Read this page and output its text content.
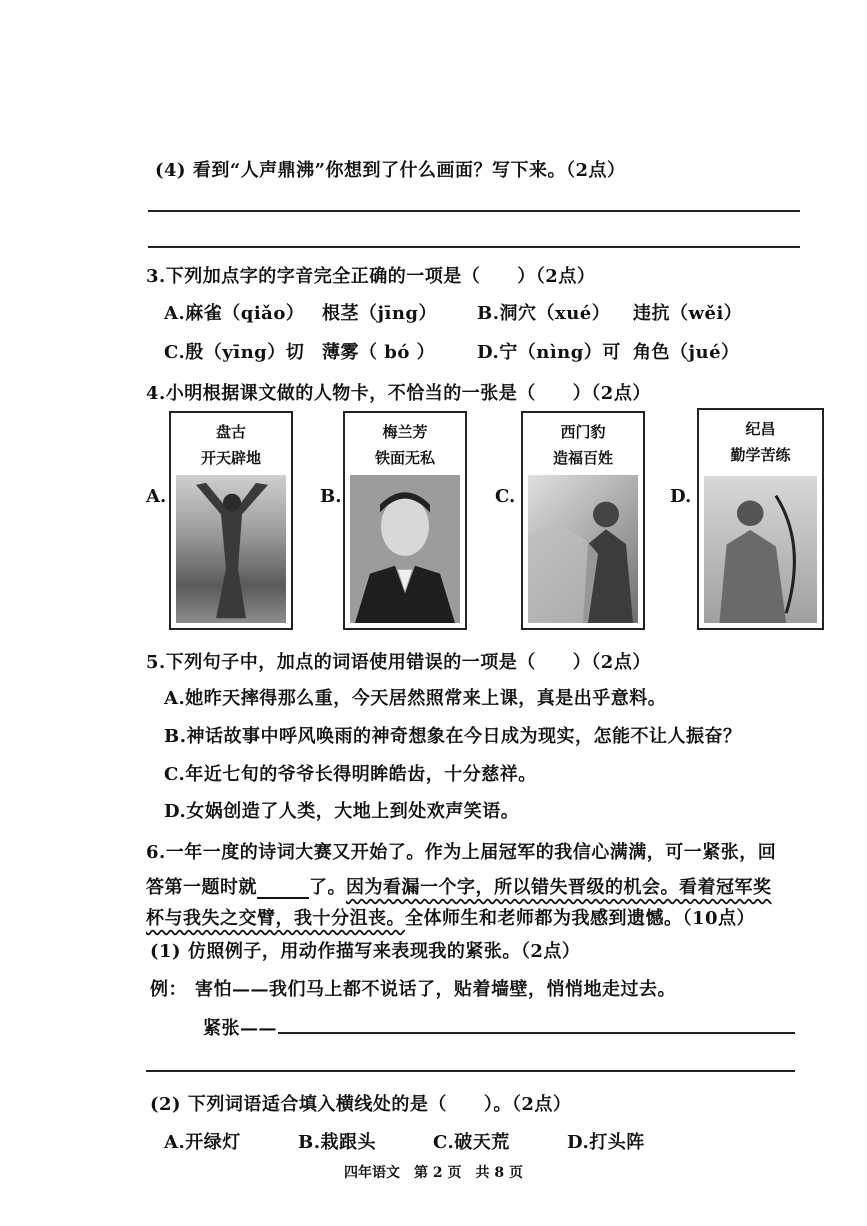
(4) 看到“人声鼎沸”你想到了什么画面？写下来。（2点）
3.下列加点字的字音完全正确的一项是（　　）（2点）
A.麻雀（qiǎo） 根茎（jīng） B.洞穴（xué） 违抗（wěi）
C.殷（yīng）切 薄雾（ bó ） D.宁（nìng）可 角色（jué）
4.小明根据课文做的人物卡，不恰当的一张是（　　）（2点）
A.
盘古
开天辟地
B.
梅兰芳
铁面无私
C.
西门豹
造福百姓
D.
纪昌
勤学苦练
5.下列句子中，加点的词语使用错误的一项是（　　）（2点）
A.她昨天摔得那么重，今天居然照常来上课，真是出乎意料。
B.神话故事中呼风唤雨的神奇想象在今日成为现实，怎能不让人振奋？
C.年近七旬的爷爷长得明眸皓齿，十分慈祥。
D.女娲创造了人类，大地上到处欢声笑语。
6.一年一度的诗词大赛又开始了。作为上届冠军的我信心满满，可一紧张，回
答第一题时就	了。因为看漏一个字，所以错失晋级的机会。看着冠军奖
杯与我失之交臂，我十分沮丧。全体师生和老师都为我感到遗憾。（10点）
(1) 仿照例子，用动作描写来表现我的紧张。（2点）
例： 害怕——我们马上都不说话了，贴着墙壁，悄悄地走过去。
紧张——
(2) 下列词语适合填入横线处的是（　　）。（2点）
A.开绿灯	B.栽跟头	C.破天荒	D.打头阵
四年语文　第 2 页　共 8 页
